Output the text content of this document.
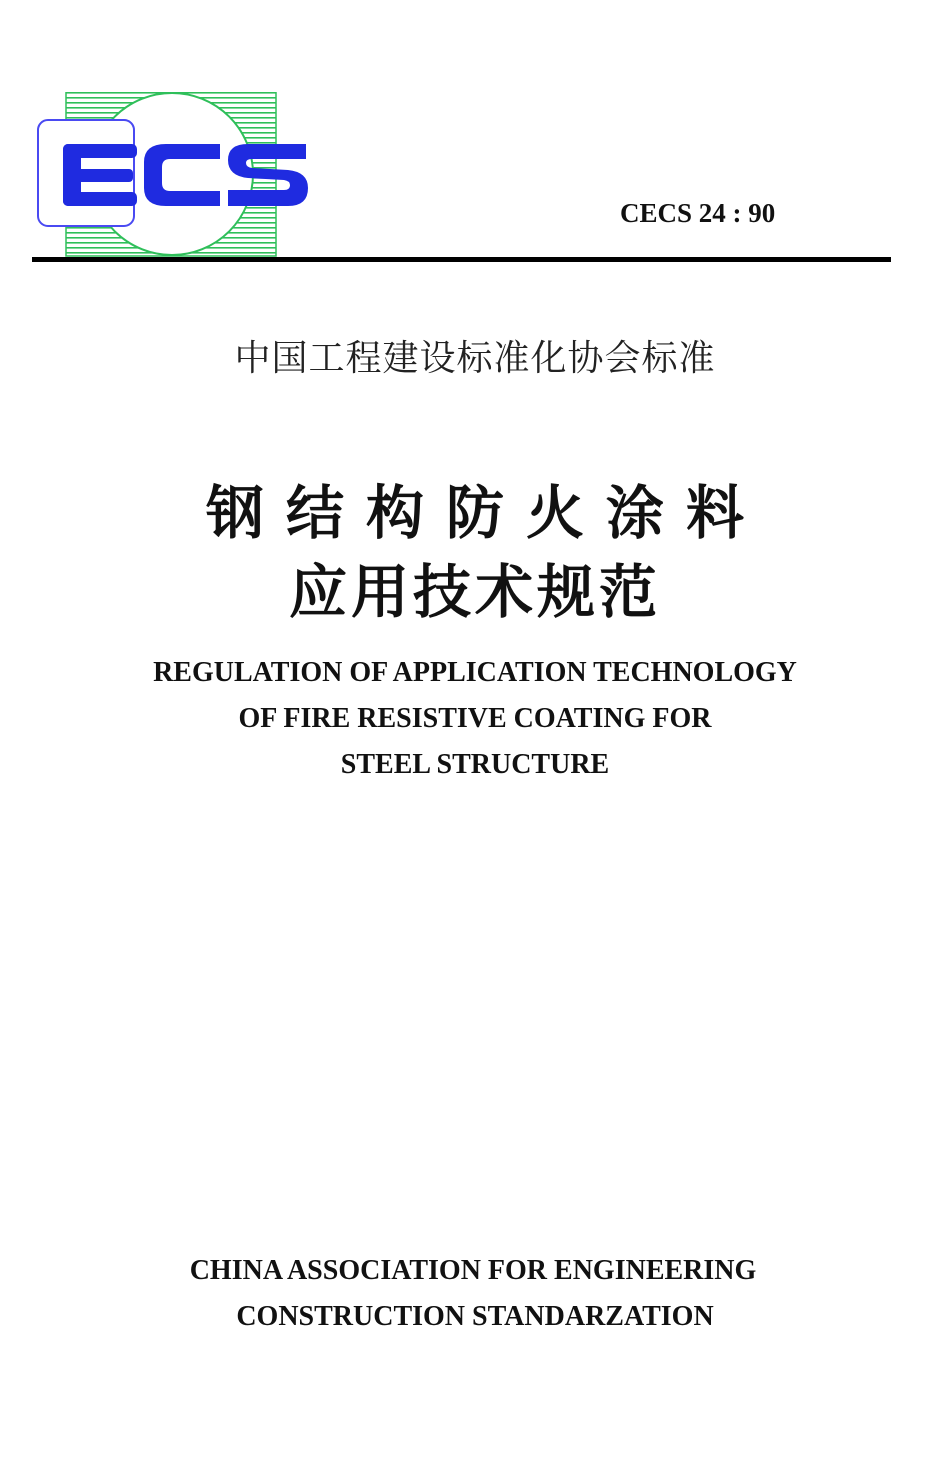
CECS 24 : 90
中国工程建设标准化协会标准
钢结构防火涂料
应用技术规范
REGULATION OF APPLICATION TECHNOLOGY
OF FIRE RESISTIVE COATING FOR
STEEL STRUCTURE
CHINA ASSOCIATION FOR ENGINEERING
CONSTRUCTION STANDARZATION
